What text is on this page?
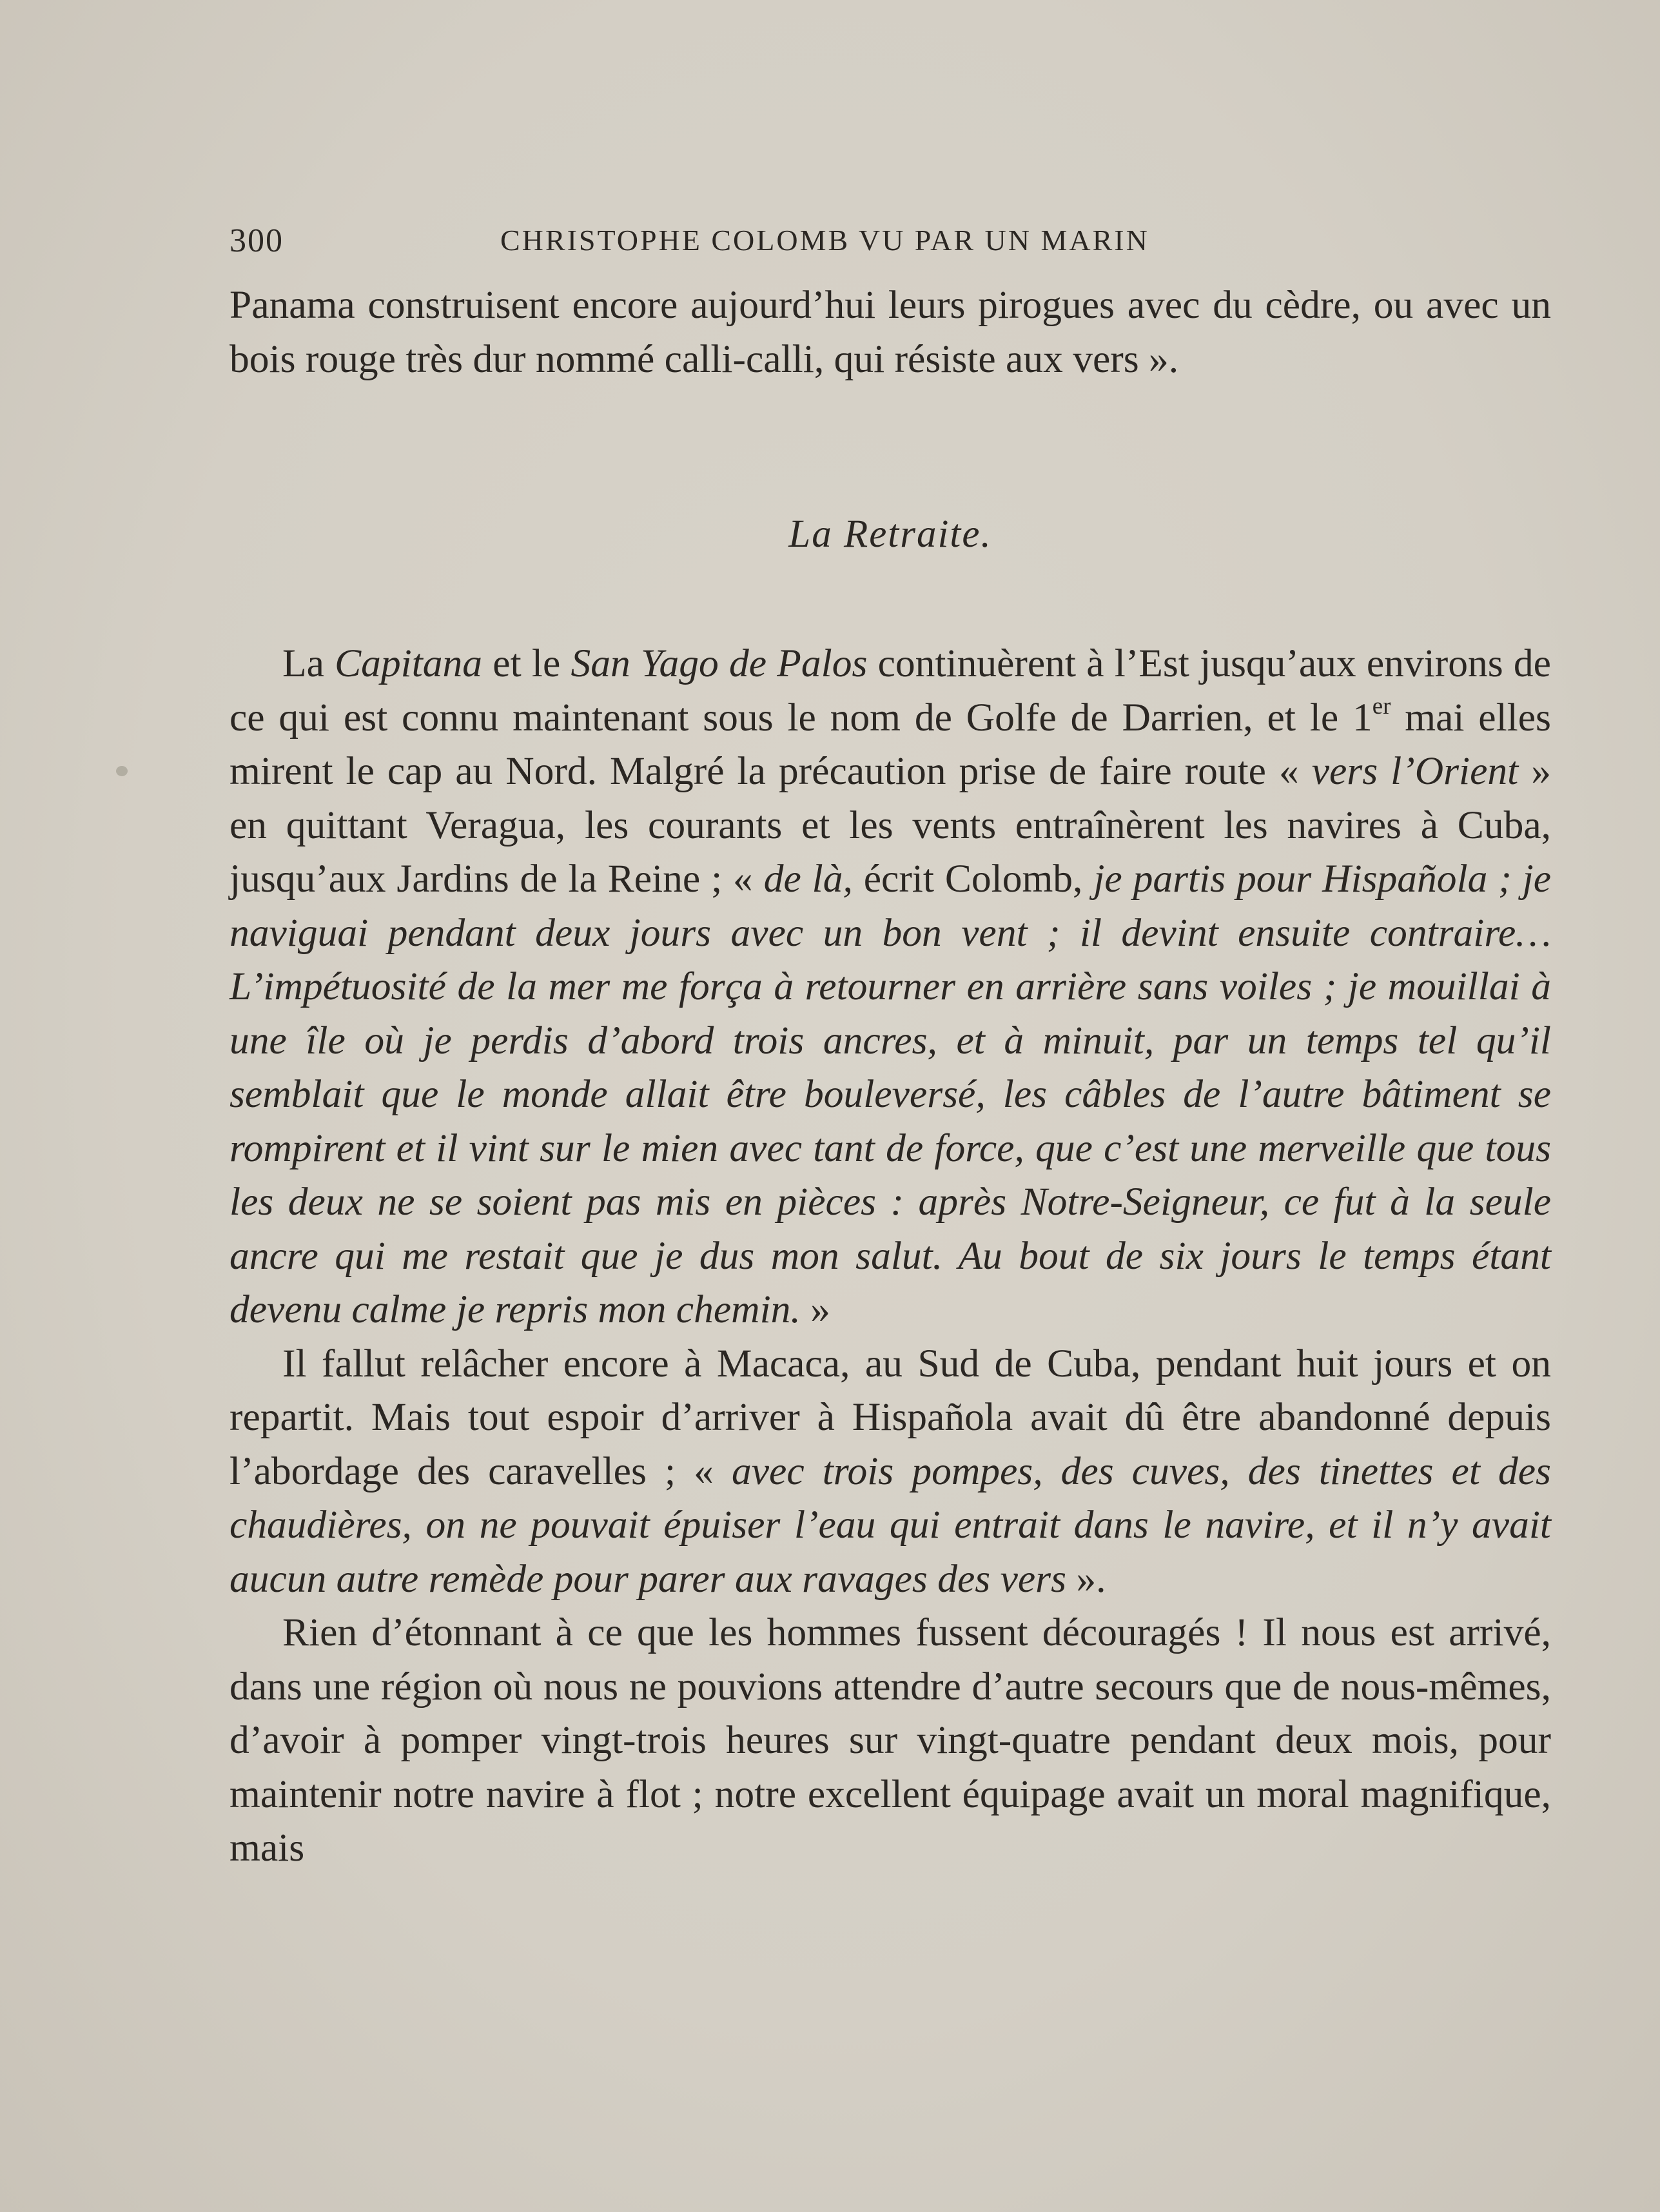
300	CHRISTOPHE COLOMB VU PAR UN MARIN

Panama construisent encore aujourd’hui leurs pirogues avec du cèdre, ou avec un bois rouge très dur nommé calli-calli, qui résiste aux vers ».

La Retraite.

La Capitana et le San Yago de Palos continuèrent à l’Est jusqu’aux environs de ce qui est connu maintenant sous le nom de Golfe de Darrien, et le 1er mai elles mirent le cap au Nord. Malgré la précaution prise de faire route « vers l’Orient » en quittant Veragua, les courants et les vents entraînèrent les navires à Cuba, jusqu’aux Jardins de la Reine ; « de là, écrit Colomb, je partis pour Hispañola ; je naviguai pendant deux jours avec un bon vent ; il devint ensuite contraire… L’impétuosité de la mer me força à retourner en arrière sans voiles ; je mouillai à une île où je perdis d’abord trois ancres, et à minuit, par un temps tel qu’il semblait que le monde allait être bouleversé, les câbles de l’autre bâtiment se rompirent et il vint sur le mien avec tant de force, que c’est une merveille que tous les deux ne se soient pas mis en pièces : après Notre-Seigneur, ce fut à la seule ancre qui me restait que je dus mon salut. Au bout de six jours le temps étant devenu calme je repris mon chemin. »

Il fallut relâcher encore à Macaca, au Sud de Cuba, pendant huit jours et on repartit. Mais tout espoir d’arriver à Hispañola avait dû être abandonné depuis l’abordage des caravelles ; « avec trois pompes, des cuves, des tinettes et des chaudières, on ne pouvait épuiser l’eau qui entrait dans le navire, et il n’y avait aucun autre remède pour parer aux ravages des vers ».

Rien d’étonnant à ce que les hommes fussent découragés ! Il nous est arrivé, dans une région où nous ne pouvions attendre d’autre secours que de nous-mêmes, d’avoir à pomper vingt-trois heures sur vingt-quatre pendant deux mois, pour maintenir notre navire à flot ; notre excellent équipage avait un moral magnifique, mais
